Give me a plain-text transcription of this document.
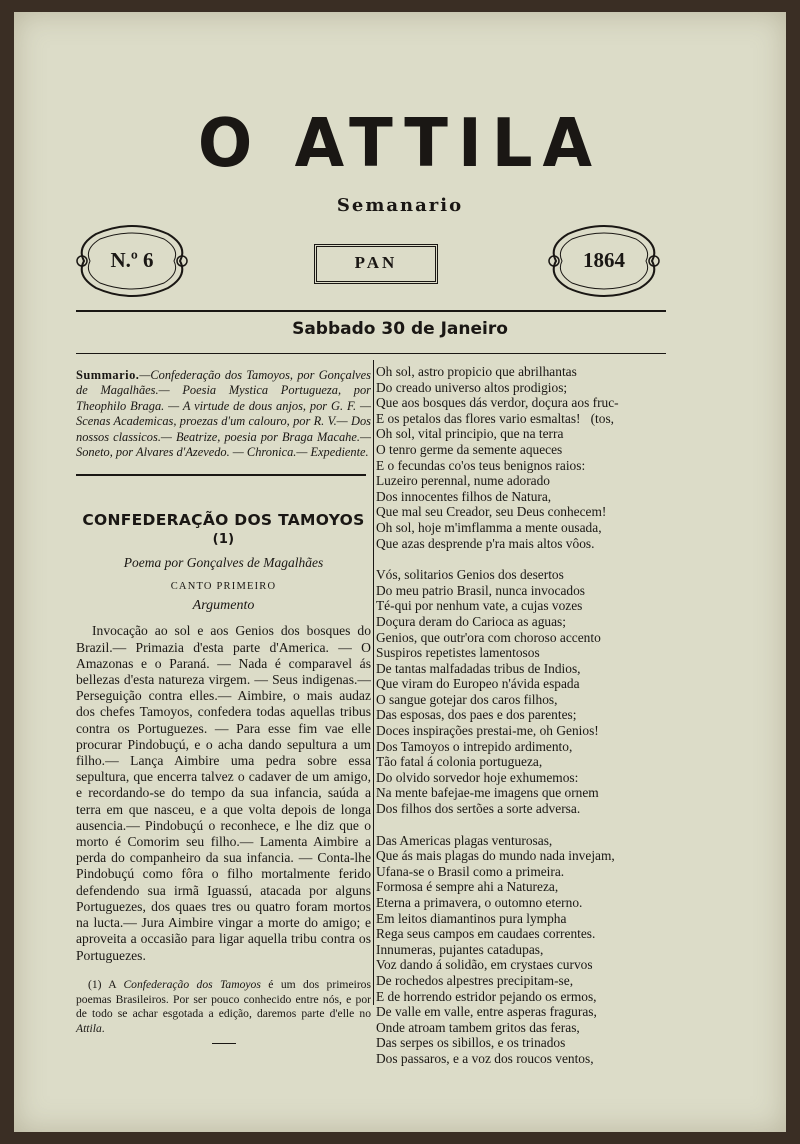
O ATTILA
Semanario
N.º 6	PAN	1864
Sabbado 30 de Janeiro
Summario.—Confederação dos Tamoyos, por Gonçalves de Magalhães.— Poesia Mystica Portugueza, por Theophilo Braga. — A virtude de dous anjos, por G. F. — Scenas Academicas, proezas d'um calouro, por R. V.— Dos nossos classicos.— Beatrize, poesia por Braga Macahe.— Soneto, por Alvares d'Azevedo. — Chronica.— Expediente.
CONFEDERAÇÃO DOS TAMOYOS (1)
Poema por Gonçalves de Magalhães
CANTO PRIMEIRO
Argumento
Invocação ao sol e aos Genios dos bosques do Brazil.— Primazia d'esta parte d'America. — O Amazonas e o Paraná. — Nada é comparavel ás bellezas d'esta natureza virgem. — Seus indigenas.— Perseguição contra elles.— Aimbire, o mais audaz dos chefes Tamoyos, confedera todas aquellas tribus contra os Portuguezes. — Para esse fim vae elle procurar Pindobuçú, e o acha dando sepultura a um filho.— Lança Aimbire uma pedra sobre essa sepultura, que encerra talvez o cadaver de um amigo, e recordando-se do tempo da sua infancia, saúda a terra em que nasceu, e a que volta depois de longa ausencia.— Pindobuçú o reconhece, e lhe diz que o morto é Comorim seu filho.— Lamenta Aimbire a perda do companheiro da sua infancia. — Conta-lhe Pindobuçú como fôra o filho mortalmente ferido defendendo sua irmã Iguassú, atacada por alguns Portuguezes, dos quaes tres ou quatro foram mortos na lucta.— Jura Aimbire vingar a morte do amigo; e aproveita a occasião para ligar aquella tribu contra os Portuguezes.
(1) A Confederação dos Tamoyos é um dos primeiros poemas Brasileiros. Por ser pouco conhecido entre nós, e por de todo se achar esgotada a edição, daremos parte d'elle no Attila.
Oh sol, astro propicio que abrilhantas
Do creado universo altos prodigios;
Que aos bosques dás verdor, doçura aos fruc-
E os petalos das flores vario esmaltas!   (tos,
Oh sol, vital principio, que na terra
O tenro germe da semente aqueces
E o fecundas co'os teus benignos raios:
Luzeiro perennal, nume adorado
Dos innocentes filhos de Natura,
Que mal seu Creador, seu Deus conhecem!
Oh sol, hoje m'imflamma a mente ousada,
Que azas desprende p'ra mais altos vôos.
Vós, solitarios Genios dos desertos
Do meu patrio Brasil, nunca invocados
Té-qui por nenhum vate, a cujas vozes
Doçura deram do Carioca as aguas;
Genios, que outr'ora com choroso accento
Suspiros repetistes lamentosos
De tantas malfadadas tribus de Indios,
Que viram do Europeo n'ávida espada
O sangue gotejar dos caros filhos,
Das esposas, dos paes e dos parentes;
Doces inspirações prestai-me, oh Genios!
Dos Tamoyos o intrepido ardimento,
Tão fatal á colonia portugueza,
Do olvido sorvedor hoje exhumemos:
Na mente bafejae-me imagens que ornem
Dos filhos dos sertões a sorte adversa.
Das Americas plagas venturosas,
Que ás mais plagas do mundo nada invejam,
Ufana-se o Brasil como a primeira.
Formosa é sempre ahi a Natureza,
Eterna a primavera, o outomno eterno.
Em leitos diamantinos pura lympha
Rega seus campos em caudaes correntes.
Innumeras, pujantes catadupas,
Voz dando á solidão, em crystaes curvos
De rochedos alpestres precipitam-se,
E de horrendo estridor pejando os ermos,
De valle em valle, entre asperas fraguras,
Onde atroam tambem gritos das feras,
Das serpes os sibillos, e os trinados
Dos passaros, e a voz dos roucos ventos,
